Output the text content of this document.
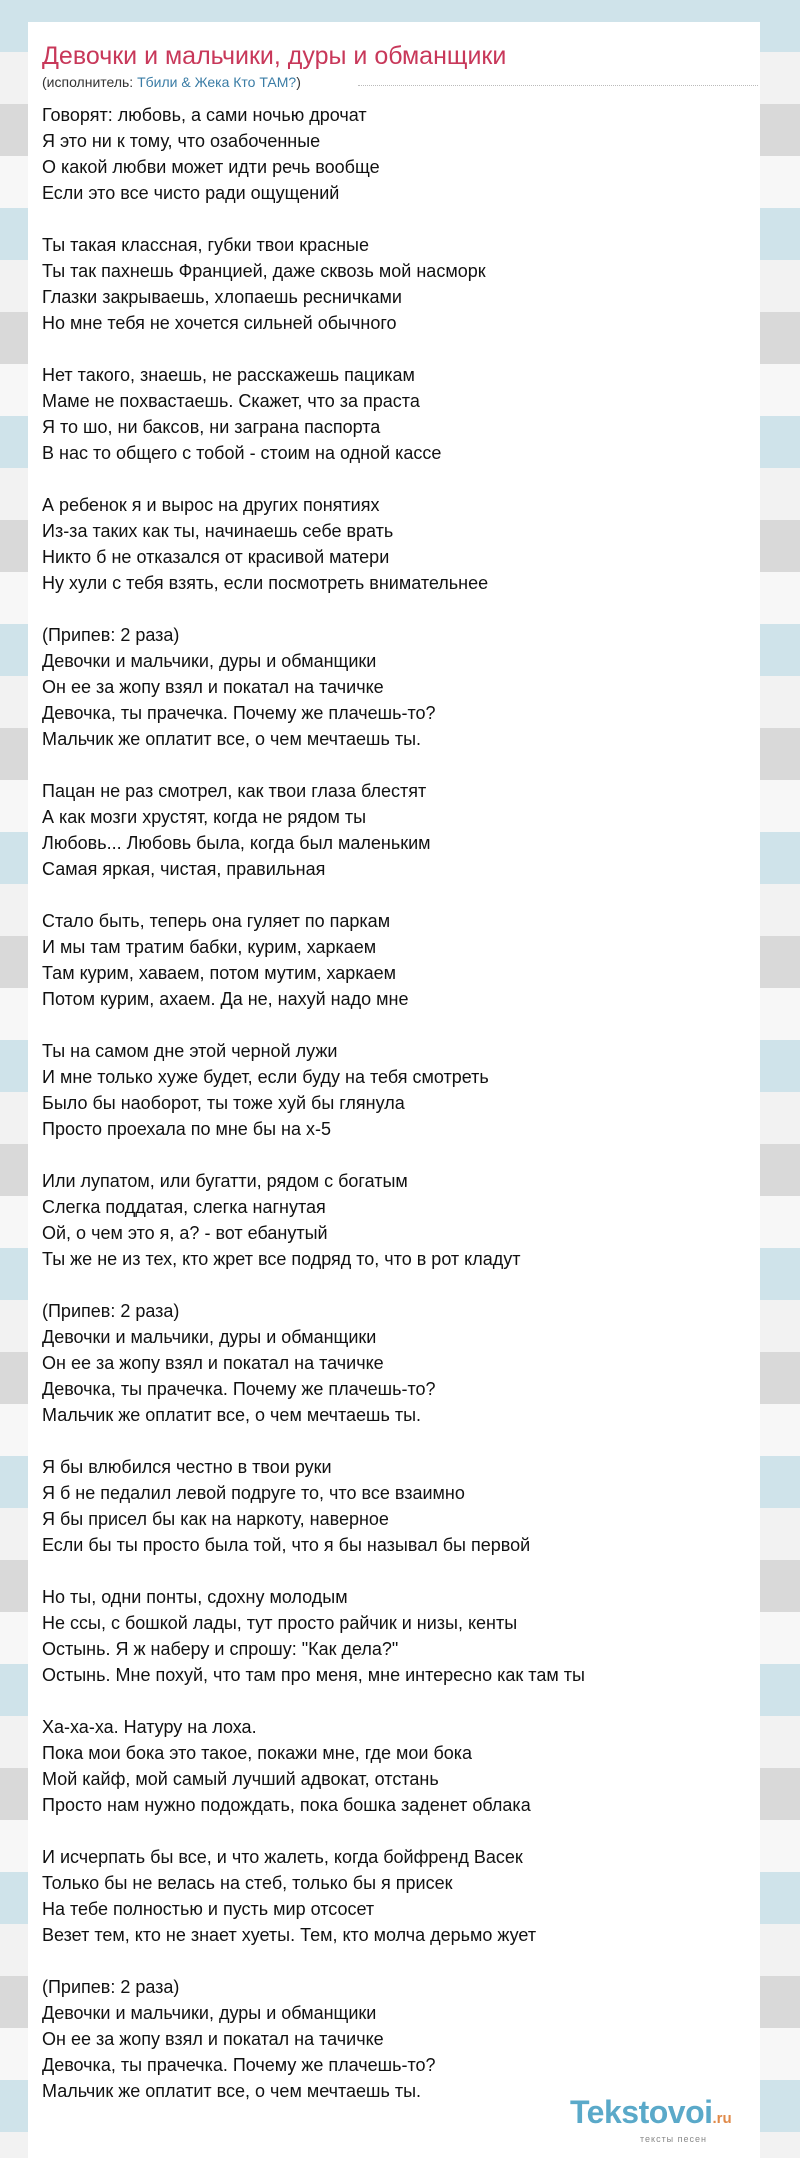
Девочки и мальчики, дуры и обманщики
(исполнитель: Тбили & Жека Кто ТАМ?)
Говорят: любовь, а сами ночью дрочат
Я это ни к тому, что озабоченные
О какой любви может идти речь вообще
Если это все чисто ради ощущений
Ты такая классная, губки твои красные
Ты так пахнешь Францией, даже сквозь мой насморк
Глазки закрываешь, хлопаешь ресничками
Но мне тебя не хочется сильней обычного
Нет такого, знаешь, не расскажешь пацикам
Маме не похвастаешь. Скажет, что за праста
Я то шо, ни баксов, ни заграна паспорта
В нас то общего с тобой - стоим на одной кассе
А ребенок я и вырос на других понятиях
Из-за таких как ты, начинаешь себе врать
Никто б не отказался от красивой матери
Ну хули с тебя взять, если посмотреть внимательнее
(Припев: 2 раза)
Девочки и мальчики, дуры и обманщики
Он ее за жопу взял и покатал на тачичке
Девочка, ты прачечка. Почему же плачешь-то?
Мальчик же оплатит все, о чем мечтаешь ты.
Пацан не раз смотрел, как твои глаза блестят
А как мозги хрустят, когда не рядом ты
Любовь... Любовь была, когда был маленьким
Самая яркая, чистая, правильная
Стало быть, теперь она гуляет по паркам
И мы там тратим бабки, курим, харкаем
Там курим, хаваем, потом мутим, харкаем
Потом курим, ахаем. Да не, нахуй надо мне
Ты на самом дне этой черной лужи
И мне только хуже будет, если буду на тебя смотреть
Было бы наоборот, ты тоже хуй бы глянула
Просто проехала по мне бы на х-5
Или лупатом, или бугатти, рядом с богатым
Слегка поддатая, слегка нагнутая
Ой, о чем это я, а? - вот ебанутый
Ты же не из тех, кто жрет все подряд то, что в рот кладут
(Припев: 2 раза)
Девочки и мальчики, дуры и обманщики
Он ее за жопу взял и покатал на тачичке
Девочка, ты прачечка. Почему же плачешь-то?
Мальчик же оплатит все, о чем мечтаешь ты.
Я бы влюбился честно в твои руки
Я б не педалил левой подруге то, что все взаимно
Я бы присел бы как на наркоту, наверное
Если бы ты просто была той, что я бы называл бы первой
Но ты, одни понты, сдохну молодым
Не ссы, с бошкой лады, тут просто райчик и низы, кенты
Остынь. Я ж наберу и спрошу: "Как дела?"
Остынь. Мне похуй, что там про меня, мне интересно как там ты
Ха-ха-ха. Натуру на лоха.
Пока мои бока это такое, покажи мне, где мои бока
Мой кайф, мой самый лучший адвокат, отстань
Просто нам нужно подождать, пока бошка заденет облака
И исчерпать бы все, и что жалеть, когда бойфренд Васек
Только бы не велась на стеб, только бы я присек
На тебе полностью и пусть мир отсосет
Везет тем, кто не знает хуеты. Тем, кто молча дерьмо жует
(Припев: 2 раза)
Девочки и мальчики, дуры и обманщики
Он ее за жопу взял и покатал на тачичке
Девочка, ты прачечка. Почему же плачешь-то?
Мальчик же оплатит все, о чем мечтаешь ты.
Tekstovoi.ru
тексты песен
